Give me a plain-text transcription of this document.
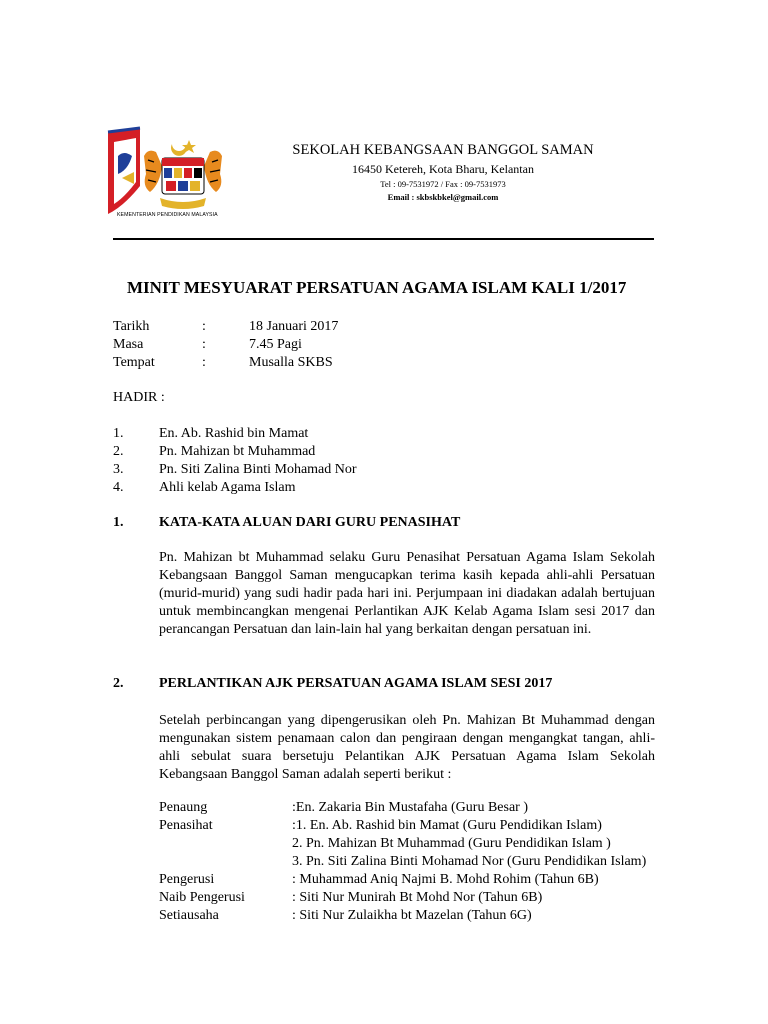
KEMENTERIAN PENDIDIKAN MALAYSIA
SEKOLAH KEBANGSAAN BANGGOL SAMAN
16450 Ketereh, Kota Bharu, Kelantan
Tel : 09-7531972 / Fax : 09-7531973
Email : skbskbkel@gmail.com
MINIT MESYUARAT PERSATUAN AGAMA ISLAM KALI 1/2017
Tarikh	:	18 Januari 2017
Masa	:	7.45 Pagi
Tempat	:	Musalla SKBS
HADIR :
1.	En. Ab. Rashid bin Mamat
2.	Pn. Mahizan bt Muhammad
3.	Pn. Siti Zalina Binti Mohamad Nor
4.	Ahli kelab Agama Islam
1.	KATA-KATA ALUAN DARI GURU PENASIHAT

Pn. Mahizan bt Muhammad selaku Guru Penasihat Persatuan Agama Islam Sekolah Kebangsaan Banggol Saman mengucapkan terima kasih kepada ahli-ahli Persatuan (murid-murid) yang sudi hadir pada hari ini. Perjumpaan ini diadakan adalah bertujuan untuk membincangkan mengenai Perlantikan AJK Kelab Agama Islam sesi 2017 dan perancangan Persatuan dan lain-lain hal yang berkaitan dengan persatuan ini.

2.	PERLANTIKAN AJK PERSATUAN AGAMA ISLAM SESI 2017

Setelah perbincangan yang dipengerusikan oleh Pn. Mahizan Bt Muhammad dengan mengunakan sistem penamaan calon dan pengiraan dengan mengangkat tangan, ahli-ahli sebulat suara bersetuju Pelantikan AJK Persatuan Agama Islam Sekolah Kebangsaan Banggol Saman adalah seperti berikut :

Penaung	:En. Zakaria Bin Mustafaha (Guru Besar )
Penasihat	:1. En. Ab. Rashid bin Mamat (Guru Pendidikan Islam)
2. Pn. Mahizan Bt Muhammad (Guru Pendidikan Islam )
3. Pn. Siti Zalina Binti Mohamad Nor (Guru Pendidikan Islam)
Pengerusi	: Muhammad Aniq Najmi B. Mohd Rohim (Tahun 6B)
Naib Pengerusi	: Siti Nur Munirah Bt Mohd Nor (Tahun 6B)
Setiausaha	: Siti Nur Zulaikha bt Mazelan (Tahun 6G)
